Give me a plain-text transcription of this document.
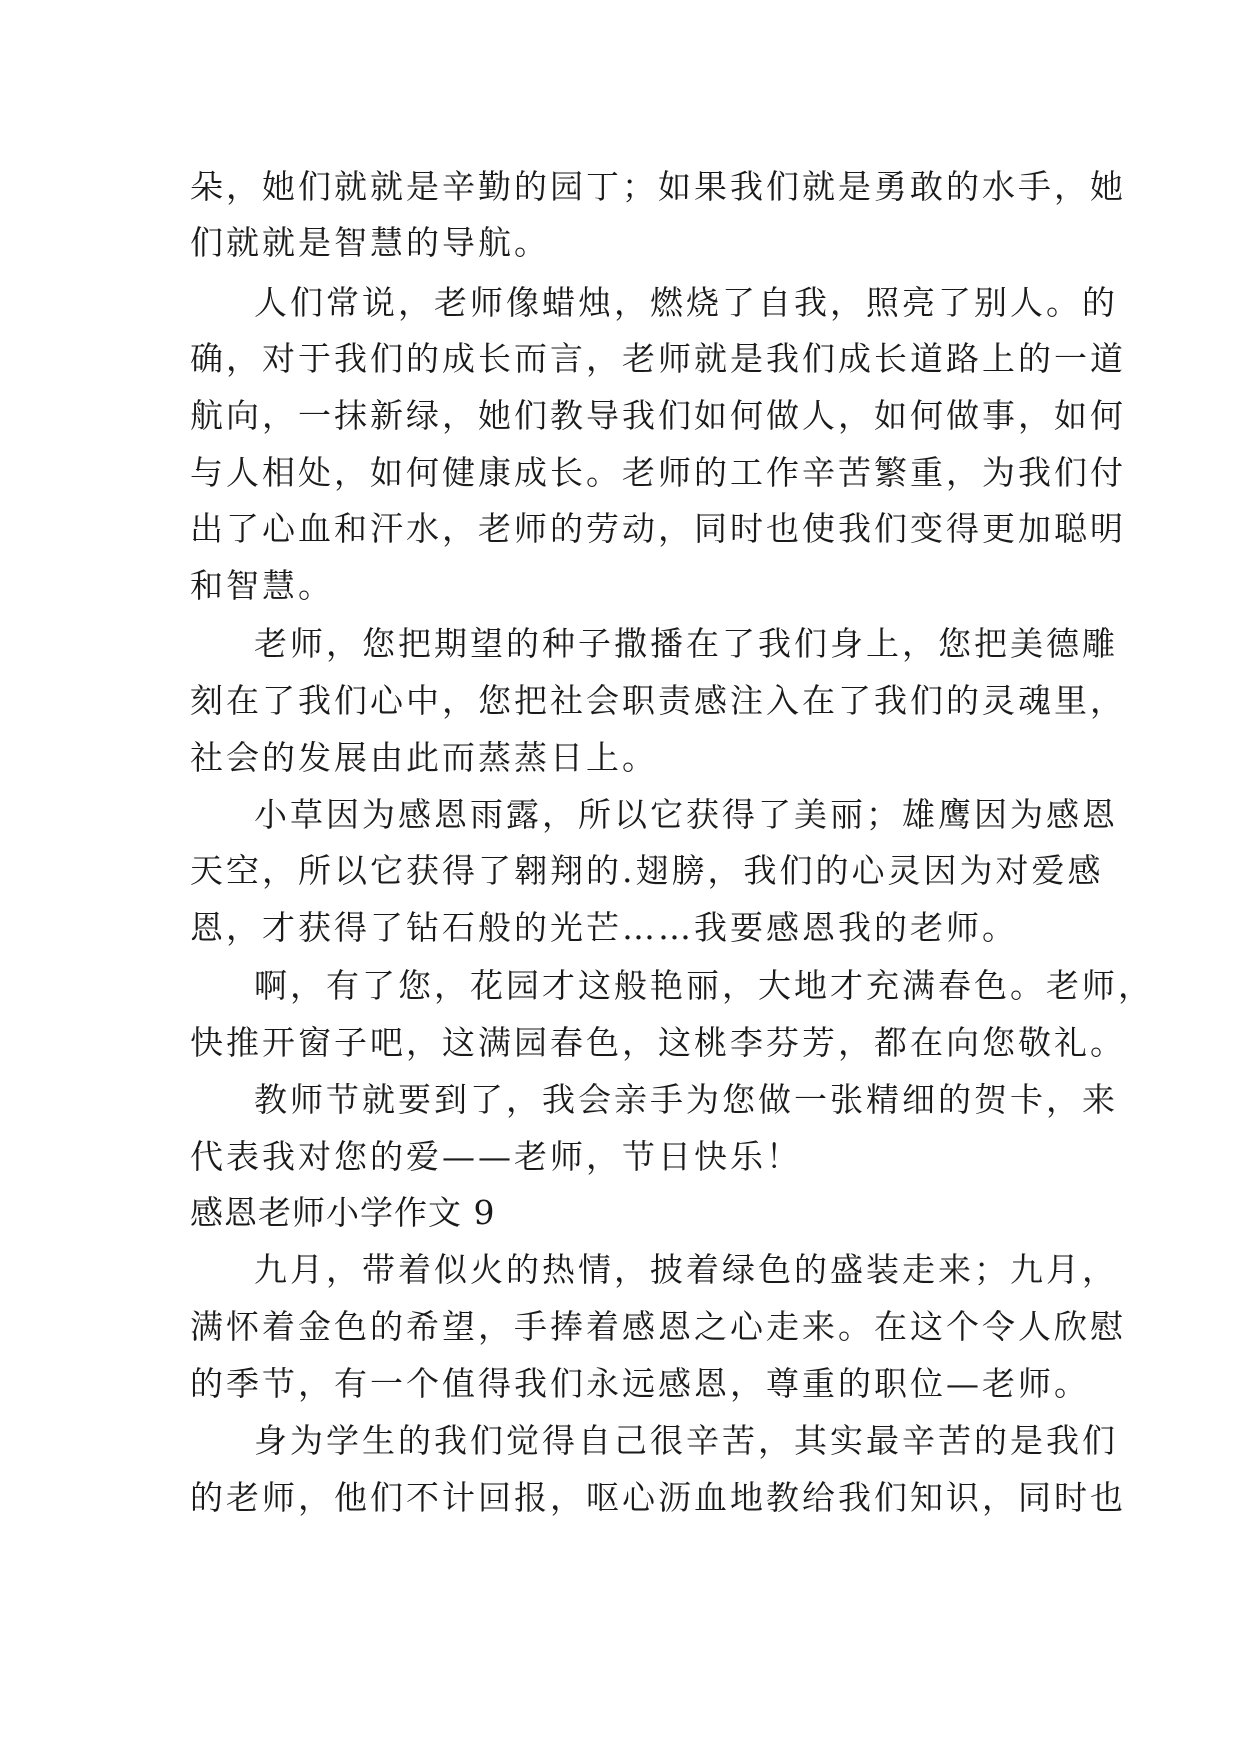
朵，她们就就是辛勤的园丁；如果我们就是勇敢的水手，她

们就就是智慧的导航。

人们常说，老师像蜡烛，燃烧了自我，照亮了别人。的

确，对于我们的成长而言，老师就是我们成长道路上的一道

航向，一抹新绿，她们教导我们如何做人，如何做事，如何

与人相处，如何健康成长。老师的工作辛苦繁重，为我们付

出了心血和汗水，老师的劳动，同时也使我们变得更加聪明

和智慧。

老师，您把期望的种子撒播在了我们身上，您把美德雕

刻在了我们心中，您把社会职责感注入在了我们的灵魂里，

社会的发展由此而蒸蒸日上。

小草因为感恩雨露，所以它获得了美丽；雄鹰因为感恩

天空，所以它获得了翱翔的.翅膀，我们的心灵因为对爱感

恩，才获得了钻石般的光芒……我要感恩我的老师。

啊，有了您，花园才这般艳丽，大地才充满春色。老师，

快推开窗子吧，这满园春色，这桃李芬芳，都在向您敬礼。

教师节就要到了，我会亲手为您做一张精细的贺卡，来

代表我对您的爱——老师，节日快乐！

感恩老师小学作文 9

九月，带着似火的热情，披着绿色的盛装走来；九月，

满怀着金色的希望，手捧着感恩之心走来。在这个令人欣慰

的季节，有一个值得我们永远感恩，尊重的职位—老师。

身为学生的我们觉得自己很辛苦，其实最辛苦的是我们

的老师，他们不计回报，呕心沥血地教给我们知识，同时也
